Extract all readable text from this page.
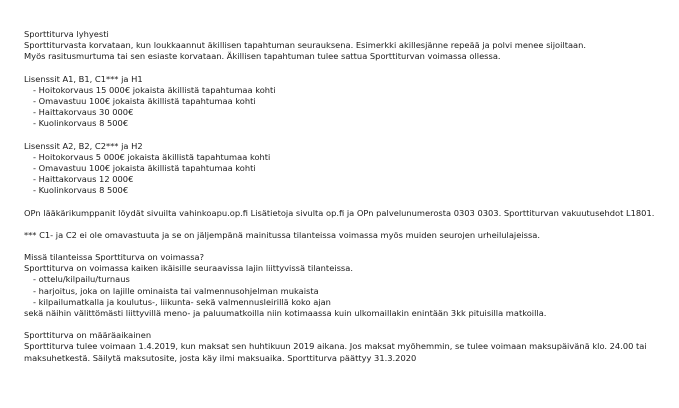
Sporttiturva lyhyesti
Sporttiturvasta korvataan, kun loukkaannut äkillisen tapahtuman seurauksena. Esimerkki akillesjänne repeää ja polvi menee sijoiltaan.
Myös rasitusmurtuma tai sen esiaste korvataan. Äkillisen tapahtuman tulee sattua Sporttiturvan voimassa ollessa.
Lisenssit A1, B1, C1*** ja H1
- Hoitokorvaus 15 000€ jokaista äkillistä tapahtumaa kohti
- Omavastuu 100€ jokaista äkillistä tapahtumaa kohti
- Haittakorvaus 30 000€
- Kuolinkorvaus 8 500€
Lisenssit A2, B2, C2*** ja H2
- Hoitokorvaus 5 000€ jokaista äkillistä tapahtumaa kohti
- Omavastuu 100€ jokaista äkillistä tapahtumaa kohti
- Haittakorvaus 12 000€
- Kuolinkorvaus 8 500€
OPn lääkärikumppanit löydät sivuilta vahinkoapu.op.fi Lisätietoja sivulta op.fi ja OPn palvelunumerosta 0303 0303. Sporttiturvan vakuutusehdot L1801.
*** C1- ja C2 ei ole omavastuuta ja se on jäljempänä mainitussa tilanteissa voimassa myös muiden seurojen urheilulajeissa.
Missä tilanteissa Sporttiturva on voimassa?
Sporttiturva on voimassa kaiken ikäisille seuraavissa lajin liittyvissä tilanteissa.
- ottelu/kilpailu/turnaus
- harjoitus, joka on lajille ominaista tai valmennusohjelman mukaista
- kilpailumatkalla ja koulutus-, liikunta- sekä valmennusleirillä koko ajan
sekä näihin välittömästi liittyvillä meno- ja paluumatkoilla niin kotimaassa kuin ulkomaillakin enintään 3kk pituisilla matkoilla.
Sporttiturva on määräaikainen
Sporttiturva tulee voimaan 1.4.2019, kun maksat sen huhtikuun 2019 aikana. Jos maksat myöhemmin, se tulee voimaan maksupäivänä klo. 24.00 tai
maksuhetkestä. Säilytä maksutosite, josta käy ilmi maksuaika. Sporttiturva päättyy 31.3.2020
